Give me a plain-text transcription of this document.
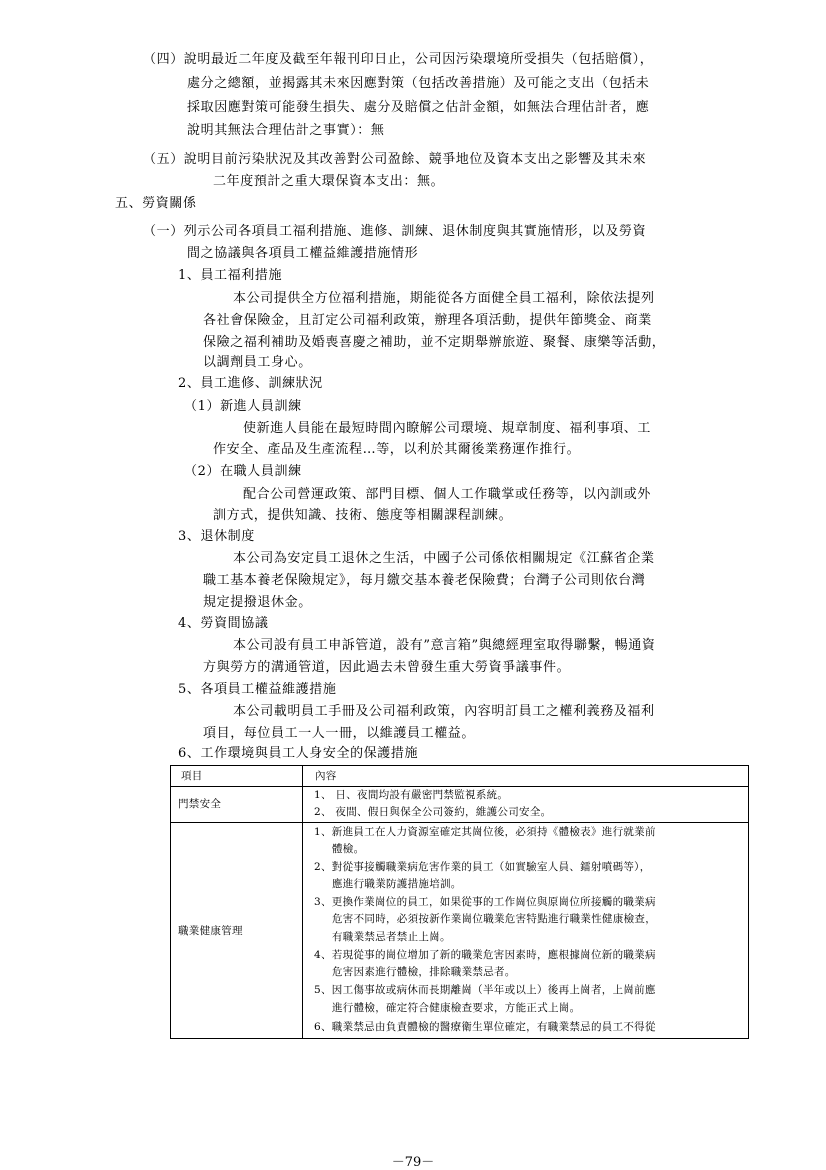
（四）說明最近二年度及截至年報刊印日止，公司因污染環境所受損失（包括賠償），
處分之總額，並揭露其未來因應對策（包括改善措施）及可能之支出（包括未
採取因應對策可能發生損失、處分及賠償之估計金額，如無法合理估計者，應
說明其無法合理估計之事實）：無
（五）說明目前污染狀況及其改善對公司盈餘、競爭地位及資本支出之影響及其未來
二年度預計之重大環保資本支出：無。
五、勞資關係
（一）列示公司各項員工福利措施、進修、訓練、退休制度與其實施情形，以及勞資
間之協議與各項員工權益維護措施情形
1、員工福利措施
本公司提供全方位福利措施，期能從各方面健全員工福利，除依法提列
各社會保險金，且訂定公司福利政策，辦理各項活動，提供年節獎金、商業
保險之福利補助及婚喪喜慶之補助，並不定期舉辦旅遊、聚餐、康樂等活動，
以調劑員工身心。
2、員工進修、訓練狀況
（1）新進人員訓練
使新進人員能在最短時間內瞭解公司環境、規章制度、福利事項、工
作安全、產品及生產流程…等，以利於其爾後業務運作推行。
（2）在職人員訓練
配合公司營運政策、部門目標、個人工作職掌或任務等，以內訓或外
訓方式，提供知識、技術、態度等相關課程訓練。
3、退休制度
本公司為安定員工退休之生活，中國子公司係依相關規定《江蘇省企業
職工基本養老保險規定》，每月繳交基本養老保險費；台灣子公司則依台灣
規定提撥退休金。
4、勞資間協議
本公司設有員工申訴管道，設有”意言箱”與總經理室取得聯繫，暢通資
方與勞方的溝通管道，因此過去未曾發生重大勞資爭議事件。
5、各項員工權益維護措施
本公司載明員工手冊及公司福利政策，內容明訂員工之權利義務及福利
項目，每位員工一人一冊，以維護員工權益。
6、工作環境與員工人身安全的保護措施
項目	內容
門禁安全
1、 日、夜間均設有嚴密門禁監視系統。
2、 夜間、假日與保全公司簽約，維護公司安全。
職業健康管理
1、新進員工在人力資源室確定其崗位後，必須持《體檢表》進行就業前
體檢。
2、對從事接觸職業病危害作業的員工（如實驗室人員、鐳射噴碼等），
應進行職業防護措施培訓。
3、更換作業崗位的員工，如果從事的工作崗位與原崗位所接觸的職業病
危害不同時，必須按新作業崗位職業危害特點進行職業性健康檢查，
有職業禁忌者禁止上崗。
4、若現從事的崗位增加了新的職業危害因素時，應根據崗位新的職業病
危害因素進行體檢，排除職業禁忌者。
5、因工傷事故或病休而長期離崗（半年或以上）後再上崗者，上崗前應
進行體檢，確定符合健康檢查要求，方能正式上崗。
6、職業禁忌由負責體檢的醫療衛生單位確定，有職業禁忌的員工不得從
－79－
